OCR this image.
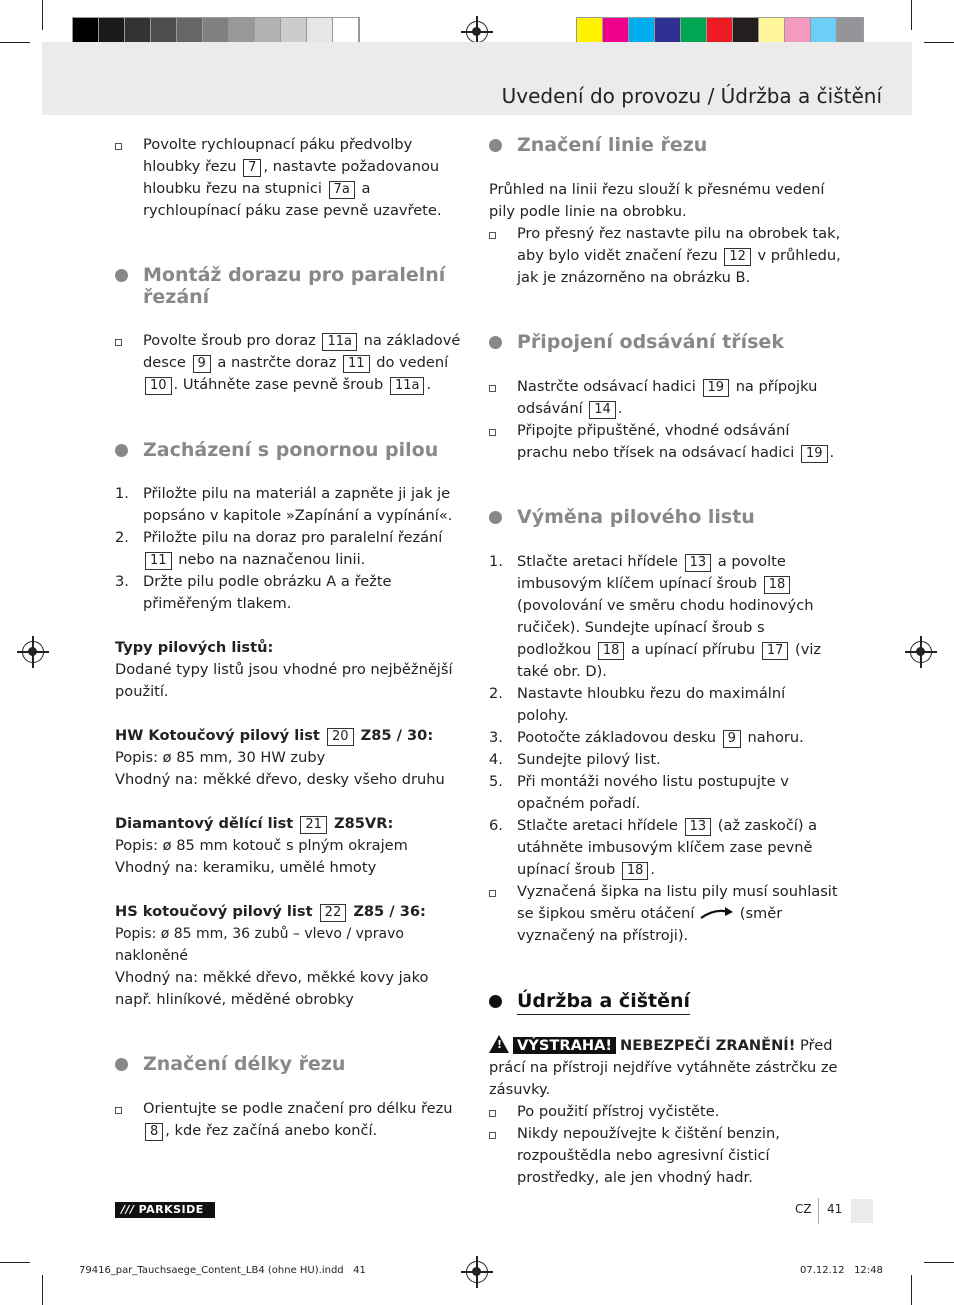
Uvedení do provozu / Údržba a čištění
Povolte rychloupnací páku předvolby hloubky řezu 7 , nastavte požadovanou hloubku řezu na stupnici 7a a rychloupínací páku zase pevně uzavřete.
Montáž dorazu pro paralelní řezání
Povolte šroub pro doraz 11a na základové desce 9 a nastrčte doraz 11 do vedení 10 . Utáhněte zase pevně šroub 11a .
Zacházení s ponornou pilou
1. Přiložte pilu na materiál a zapněte ji jak je popsáno v kapitole »Zapínání a vypínání«.
2. Přiložte pilu na doraz pro paralelní řezání 11 nebo na naznačenou linii.
3. Držte pilu podle obrázku A a řežte přiměřeným tlakem.
Typy pilových listů:
Dodané typy listů jsou vhodné pro nejběžnější použití.
HW Kotoučový pilový list 20 Z85 / 30:
Popis: ø 85 mm, 30 HW zuby
Vhodný na: měkké dřevo, desky všeho druhu
Diamantový dělící list 21 Z85VR:
Popis: ø 85 mm kotouč s plným okrajem
Vhodný na: keramiku, umělé hmoty
HS kotoučový pilový list 22 Z85 / 36:
Popis: ø 85 mm, 36 zubů – vlevo / vpravo nakloněné
Vhodný na: měkké dřevo, měkké kovy jako např. hliníkové, měděné obrobky
Značení délky řezu
Orientujte se podle značení pro délku řezu 8 , kde řez začíná anebo končí.
Značení linie řezu
Průhled na linii řezu slouží k přesnému vedení pily podle linie na obrobku.
Pro přesný řez nastavte pilu na obrobek tak, aby bylo vidět značení řezu 12 v průhledu, jak je znázorněno na obrázku B.
Připojení odsávání třísek
Nastrčte odsávací hadici 19 na přípojku odsávání 14 .
Připojte připuštěné, vhodné odsávání prachu nebo třísek na odsávací hadici 19 .
Výměna pilového listu
1. Stlačte aretaci hřídele 13 a povolte imbusovým klíčem upínací šroub 18 (povolování ve směru chodu hodinových ručiček). Sundejte upínací šroub s podložkou 18 a upínací přírubu 17 (viz také obr. D).
2. Nastavte hloubku řezu do maximální polohy.
3. Pootočte základovou desku 9 nahoru.
4. Sundejte pilový list.
5. Při montáži nového listu postupujte v opačném pořadí.
6. Stlačte aretaci hřídele 13 (až zaskočí) a utáhněte imbusovým klíčem zase pevně upínací šroub 18 .
Vyznačená šipka na listu pily musí souhlasit se šipkou směru otáčení	(směr vyznačený na přístroji).
Údržba a čištění
! VÝSTRAHA! NEBEZPEČÍ ZRANĚNÍ! Před prácí na přístroji nejdříve vytáhněte zástrčku ze zásuvky.
Po použití přístroj vyčistěte.
Nikdy nepoužívejte k čištění benzin, rozpouštědla nebo agresivní čisticí prostředky, ale jen vhodný hadr.
/// PARKSIDE	CZ 41
79416_par_Tauchsaege_Content_LB4 (ohne HU).indd   41	07.12.12   12:48
